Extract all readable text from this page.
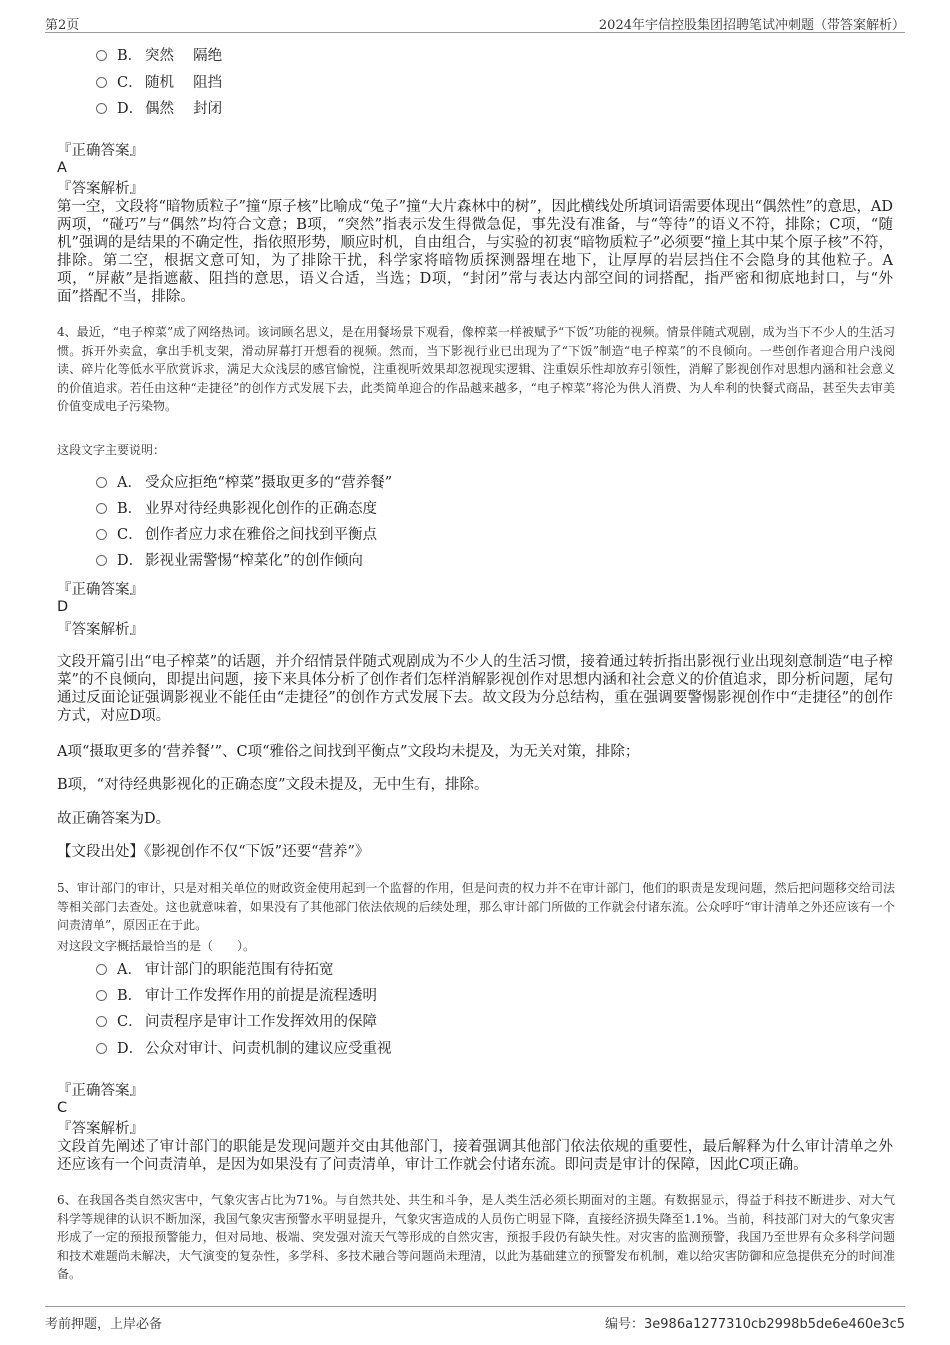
第2页	2024年宇信控股集团招聘笔试冲刺题（带答案解析）
B． 突然　 隔绝
C． 随机　 阻挡
D． 偶然　 封闭
『正确答案』
A
『答案解析』
第一空，文段将“暗物质粒子”撞“原子核”比喻成“兔子”撞“大片森林中的树”，因此横线处所填词语需要体现出“偶然性”的意思，AD两项，“碰巧”与“偶然”均符合文意；B项，“突然”指表示发生得微急促，事先没有准备，与“等待”的语义不符，排除；C项，“随机”强调的是结果的不确定性，指依照形势，顺应时机，自由组合，与实验的初衷“暗物质粒子”必须要“撞上其中某个原子核”不符，排除。第二空，根据文意可知，为了排除干扰，科学家将暗物质探测器埋在地下，让厚厚的岩层挡住不会隐身的其他粒子。A项，“屏蔽”是指遮蔽、阻挡的意思，语义合适，当选；D项，“封闭”常与表达内部空间的词搭配，指严密和彻底地封口，与“外面”搭配不当，排除。
4、最近，“电子榨菜”成了网络热词。该词顾名思义，是在用餐场景下观看，像榨菜一样被赋予“下饭”功能的视频。情景伴随式观剧，成为当下不少人的生活习惯。拆开外卖盒，拿出手机支架，滑动屏幕打开想看的视频。然而，当下影视行业已出现为了“下饭”制造“电子榨菜”的不良倾向。一些创作者迎合用户浅阅读、碎片化等低水平欣赏诉求，满足大众浅层的感官愉悦，注重视听效果却忽视现实逻辑、注重娱乐性却放弃引领性，消解了影视创作对思想内涵和社会意义的价值追求。若任由这种“走捷径”的创作方式发展下去，此类简单迎合的作品越来越多，“电子榨菜”将沦为供人消费、为人牟利的快餐式商品，甚至失去审美价值变成电子污染物。
这段文字主要说明：
A． 受众应拒绝“榨菜”摄取更多的“营养餐”
B． 业界对待经典影视化创作的正确态度
C． 创作者应力求在雅俗之间找到平衡点
D． 影视业需警惕“榨菜化”的创作倾向
『正确答案』
D
『答案解析』
文段开篇引出“电子榨菜”的话题，并介绍情景伴随式观剧成为不少人的生活习惯，接着通过转折指出影视行业出现刻意制造“电子榨菜”的不良倾向，即提出问题，接下来具体分析了创作者们怎样消解影视创作对思想内涵和社会意义的价值追求，即分析问题，尾句通过反面论证强调影视业不能任由“走捷径”的创作方式发展下去。故文段为分总结构，重在强调要警惕影视创作中“走捷径”的创作方式，对应D项。
A项“摄取更多的‘营养餐’”、C项“雅俗之间找到平衡点”文段均未提及，为无关对策，排除；
B项，“对待经典影视化的正确态度”文段未提及，无中生有，排除。
故正确答案为D。
【文段出处】《影视创作不仅“下饭”还要“营养”》
5、审计部门的审计，只是对相关单位的财政资金使用起到一个监督的作用，但是问责的权力并不在审计部门，他们的职责是发现问题，然后把问题移交给司法等相关部门去查处。这也就意味着，如果没有了其他部门依法依规的后续处理，那么审计部门所做的工作就会付诸东流。公众呼吁“审计清单之外还应该有一个问责清单”，原因正在于此。
对这段文字概括最恰当的是（　　）。
A． 审计部门的职能范围有待拓宽
B． 审计工作发挥作用的前提是流程透明
C． 问责程序是审计工作发挥效用的保障
D． 公众对审计、问责机制的建议应受重视
『正确答案』
C
『答案解析』
文段首先阐述了审计部门的职能是发现问题并交由其他部门，接着强调其他部门依法依规的重要性，最后解释为什么审计清单之外还应该有一个问责清单，是因为如果没有了问责清单，审计工作就会付诸东流。即问责是审计的保障，因此C项正确。
6、在我国各类自然灾害中，气象灾害占比为71%。与自然共处、共生和斗争，是人类生活必须长期面对的主题。有数据显示，得益于科技不断进步、对大气科学等规律的认识不断加深，我国气象灾害预警水平明显提升，气象灾害造成的人员伤亡明显下降，直接经济损失降至1.1%。当前，科技部门对大的气象灾害形成了一定的预报预警能力，但对局地、极端、突发强对流天气等形成的自然灾害，预报手段仍有缺失性。对灾害的监测预警，我国乃至世界有众多科学问题和技术难题尚未解决，大气演变的复杂性，多学科、多技术融合等问题尚未理清，以此为基础建立的预警发布机制，难以给灾害防御和应急提供充分的时间准备。
考前押题，上岸必备	编号：3e986a1277310cb2998b5de6e460e3c5
